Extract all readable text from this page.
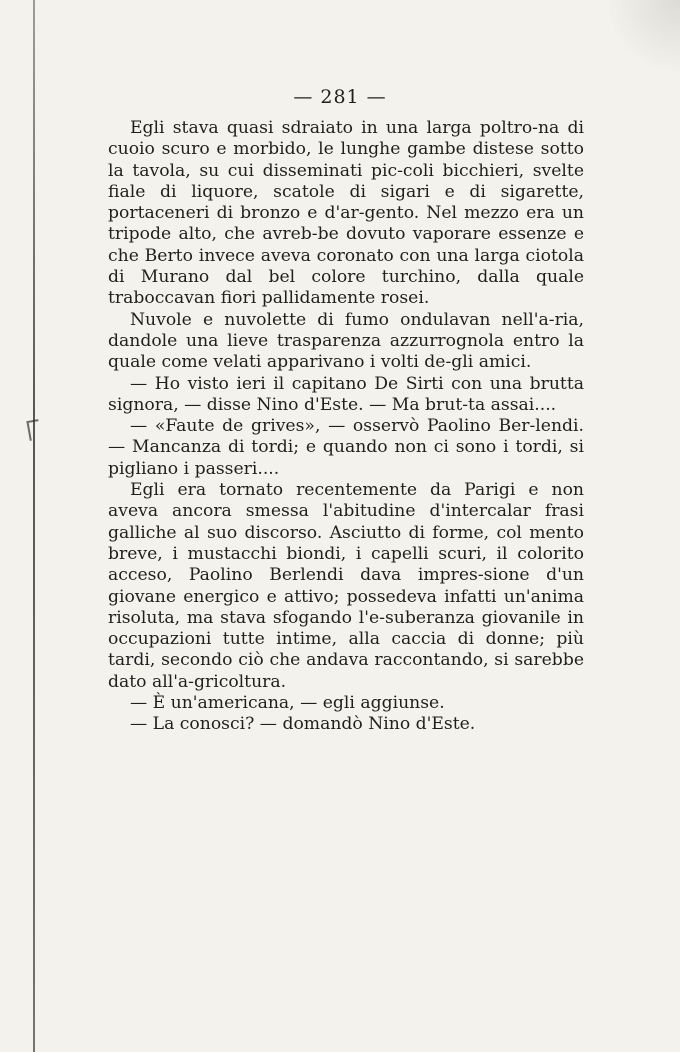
— 281 —

Egli stava quasi sdraiato in una larga poltro-na di cuoio scuro e morbido, le lunghe gambe distese sotto la tavola, su cui disseminati pic-coli bicchieri, svelte fiale di liquore, scatole di sigari e di sigarette, portaceneri di bronzo e d'ar-gento. Nel mezzo era un tripode alto, che avreb-be dovuto vaporare essenze e che Berto invece aveva coronato con una larga ciotola di Murano dal bel colore turchino, dalla quale traboccavan fiori pallidamente rosei.

Nuvole e nuvolette di fumo ondulavan nell'a-ria, dandole una lieve trasparenza azzurrognola entro la quale come velati apparivano i volti de-gli amici.

— Ho visto ieri il capitano De Sirti con una brutta signora, — disse Nino d'Este. — Ma brut-ta assai....

— «Faute de grives», — osservò Paolino Ber-lendi. — Mancanza di tordi; e quando non ci sono i tordi, si pigliano i passeri....

Egli era tornato recentemente da Parigi e non aveva ancora smessa l'abitudine d'intercalar frasi galliche al suo discorso. Asciutto di forme, col mento breve, i mustacchi biondi, i capelli scuri, il colorito acceso, Paolino Berlendi dava impres-sione d'un giovane energico e attivo; possedeva infatti un'anima risoluta, ma stava sfogando l'e-suberanza giovanile in occupazioni tutte intime, alla caccia di donne; più tardi, secondo ciò che andava raccontando, si sarebbe dato all'a-gricoltura.

— È un'americana, — egli aggiunse.

— La conosci? — domandò Nino d'Este.
